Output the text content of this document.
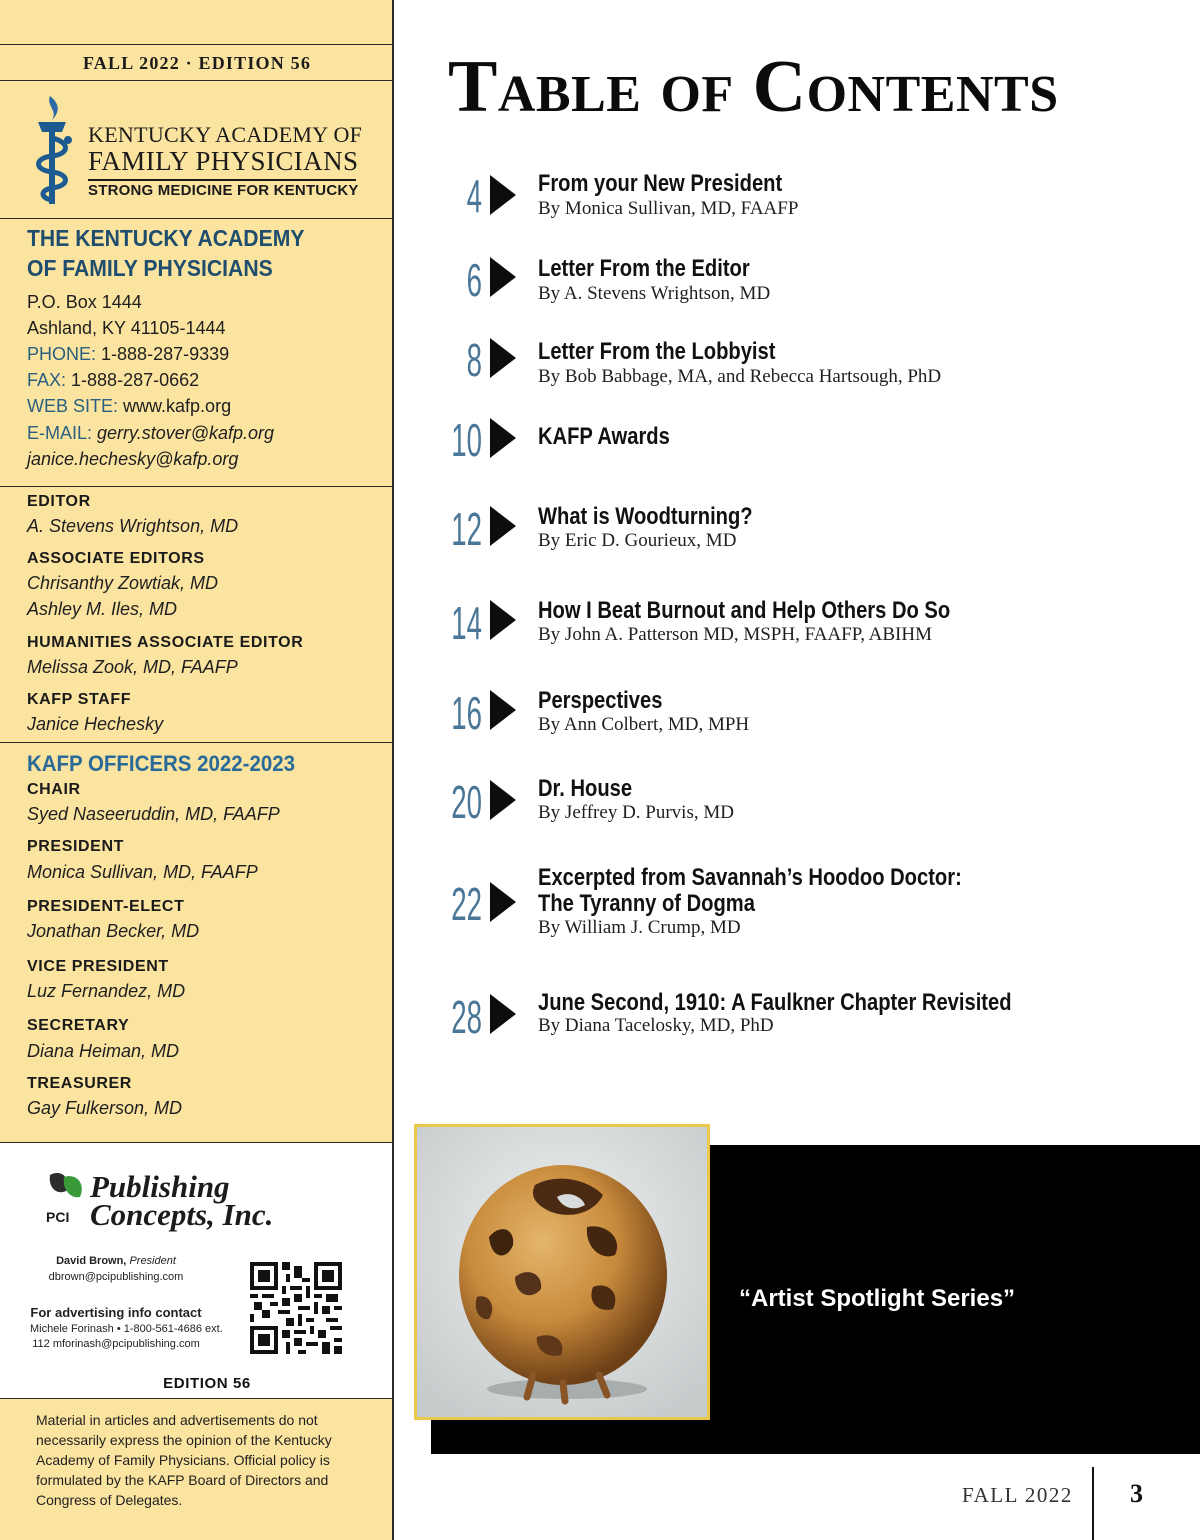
FALL 2022 · EDITION 56
KENTUCKY ACADEMY OF
FAMILY PHYSICIANS
STRONG MEDICINE FOR KENTUCKY
THE KENTUCKY ACADEMY
OF FAMILY PHYSICIANS
P.O. Box 1444
Ashland, KY 41105-1444
PHONE: 1-888-287-9339
FAX: 1-888-287-0662
WEB SITE: www.kafp.org
E-MAIL: gerry.stover@kafp.org
janice.hechesky@kafp.org
EDITOR
A. Stevens Wrightson, MD
ASSOCIATE EDITORS
Chrisanthy Zowtiak, MD
Ashley M. Iles, MD
HUMANITIES ASSOCIATE EDITOR
Melissa Zook, MD, FAAFP
KAFP STAFF
Janice Hechesky
KAFP OFFICERS 2022-2023
CHAIR
Syed Naseeruddin, MD, FAAFP
PRESIDENT
Monica Sullivan, MD, FAAFP
PRESIDENT-ELECT
Jonathan Becker, MD
VICE PRESIDENT
Luz Fernandez, MD
SECRETARY
Diana Heiman, MD
TREASURER
Gay Fulkerson, MD
PCI
Publishing
Concepts, Inc.
David Brown, President
dbrown@pcipublishing.com
For advertising info contact
Michele Forinash • 1-800-561-4686 ext.
112 mforinash@pcipublishing.com
EDITION 56
Material in articles and advertisements do not necessarily express the opinion of the Kentucky Academy of Family Physicians. Official policy is formulated by the KAFP Board of Directors and Congress of Delegates.
Table of Contents
4 From your New President
By Monica Sullivan, MD, FAAFP
6 Letter From the Editor
By A. Stevens Wrightson, MD
8 Letter From the Lobbyist
By Bob Babbage, MA, and Rebecca Hartsough, PhD
10 KAFP Awards
12 What is Woodturning?
By Eric D. Gourieux, MD
14 How I Beat Burnout and Help Others Do So
By John A. Patterson MD, MSPH, FAAFP, ABIHM
16 Perspectives
By Ann Colbert, MD, MPH
20 Dr. House
By Jeffrey D. Purvis, MD
22
Excerpted from Savannah’s Hoodoo Doctor:
The Tyranny of Dogma
By William J. Crump, MD
28 June Second, 1910: A Faulkner Chapter Revisited
By Diana Tacelosky, MD, PhD
“Artist Spotlight Series”
FALL 2022 3
